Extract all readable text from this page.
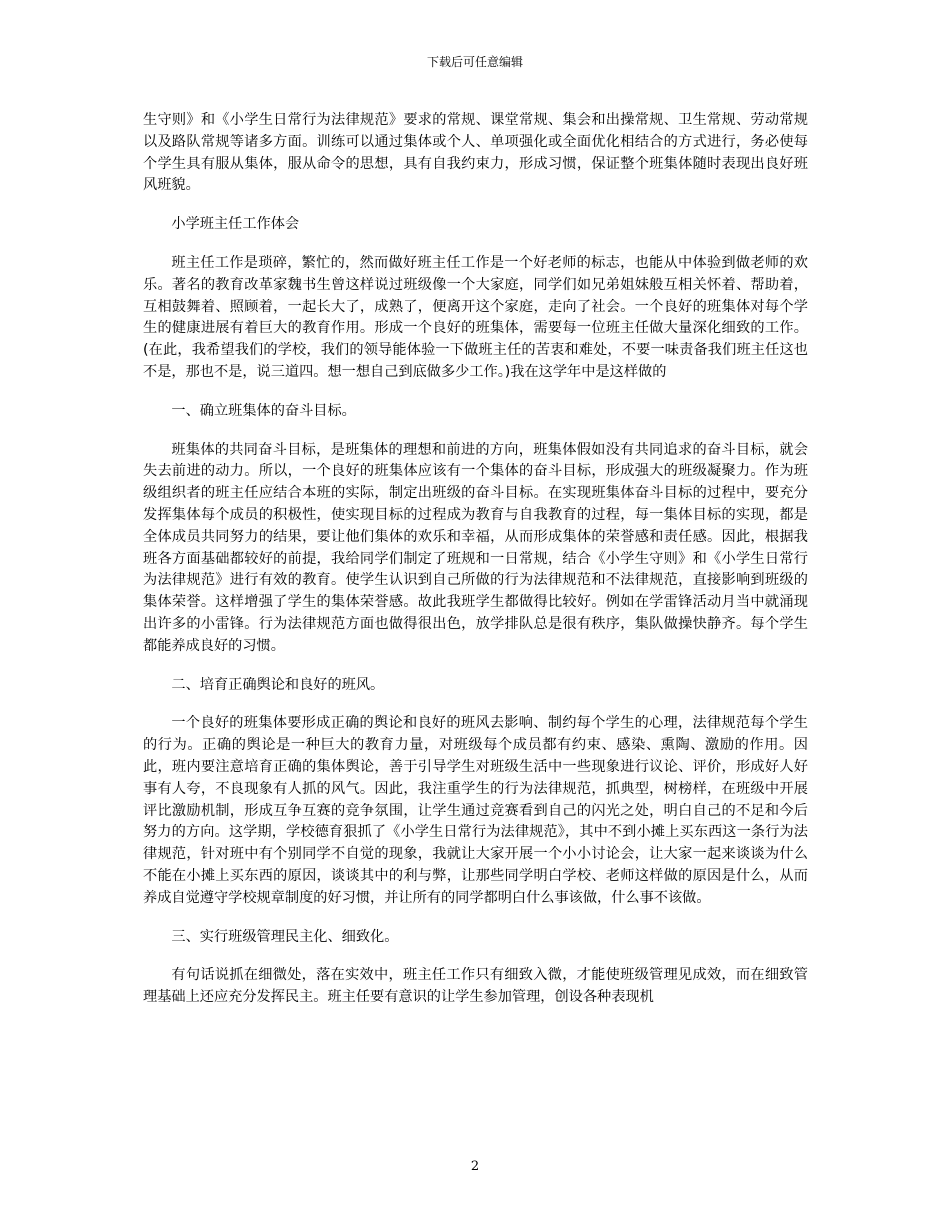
下载后可任意编辑

生守则》和《小学生日常行为法律规范》要求的常规、课堂常规、集会和出操常规、卫生常规、劳动常规以及路队常规等诸多方面。训练可以通过集体或个人、单项强化或全面优化相结合的方式进行，务必使每个学生具有服从集体，服从命令的思想，具有自我约束力，形成习惯，保证整个班集体随时表现出良好班风班貌。

小学班主任工作体会

班主任工作是琐碎，繁忙的，然而做好班主任工作是一个好老师的标志，也能从中体验到做老师的欢乐。著名的教育改革家魏书生曾这样说过班级像一个大家庭，同学们如兄弟姐妹般互相关怀着、帮助着，互相鼓舞着、照顾着，一起长大了，成熟了，便离开这个家庭，走向了社会。一个良好的班集体对每个学生的健康进展有着巨大的教育作用。形成一个良好的班集体，需要每一位班主任做大量深化细致的工作。(在此，我希望我们的学校，我们的领导能体验一下做班主任的苦衷和难处，不要一味责备我们班主任这也不是，那也不是，说三道四。想一想自己到底做多少工作。)我在这学年中是这样做的

一、确立班集体的奋斗目标。

班集体的共同奋斗目标，是班集体的理想和前进的方向，班集体假如没有共同追求的奋斗目标，就会失去前进的动力。所以，一个良好的班集体应该有一个集体的奋斗目标，形成强大的班级凝聚力。作为班级组织者的班主任应结合本班的实际，制定出班级的奋斗目标。在实现班集体奋斗目标的过程中，要充分发挥集体每个成员的积极性，使实现目标的过程成为教育与自我教育的过程，每一集体目标的实现，都是全体成员共同努力的结果，要让他们集体的欢乐和幸福，从而形成集体的荣誉感和责任感。因此，根据我班各方面基础都较好的前提，我给同学们制定了班规和一日常规，结合《小学生守则》和《小学生日常行为法律规范》进行有效的教育。使学生认识到自己所做的行为法律规范和不法律规范，直接影响到班级的集体荣誉。这样增强了学生的集体荣誉感。故此我班学生都做得比较好。例如在学雷锋活动月当中就涌现出许多的小雷锋。行为法律规范方面也做得很出色，放学排队总是很有秩序，集队做操快静齐。每个学生都能养成良好的习惯。

二、培育正确舆论和良好的班风。

一个良好的班集体要形成正确的舆论和良好的班风去影响、制约每个学生的心理，法律规范每个学生的行为。正确的舆论是一种巨大的教育力量，对班级每个成员都有约束、感染、熏陶、激励的作用。因此，班内要注意培育正确的集体舆论，善于引导学生对班级生活中一些现象进行议论、评价，形成好人好事有人夸，不良现象有人抓的风气。因此，我注重学生的行为法律规范，抓典型，树榜样，在班级中开展评比激励机制，形成互争互赛的竞争氛围，让学生通过竞赛看到自己的闪光之处，明白自己的不足和今后努力的方向。这学期，学校德育狠抓了《小学生日常行为法律规范》，其中不到小摊上买东西这一条行为法律规范，针对班中有个别同学不自觉的现象，我就让大家开展一个小小讨论会，让大家一起来谈谈为什么不能在小摊上买东西的原因，谈谈其中的利与弊，让那些同学明白学校、老师这样做的原因是什么，从而养成自觉遵守学校规章制度的好习惯，并让所有的同学都明白什么事该做，什么事不该做。

三、实行班级管理民主化、细致化。

有句话说抓在细微处，落在实效中，班主任工作只有细致入微，才能使班级管理见成效，而在细致管理基础上还应充分发挥民主。班主任要有意识的让学生参加管理，创设各种表现机

2
